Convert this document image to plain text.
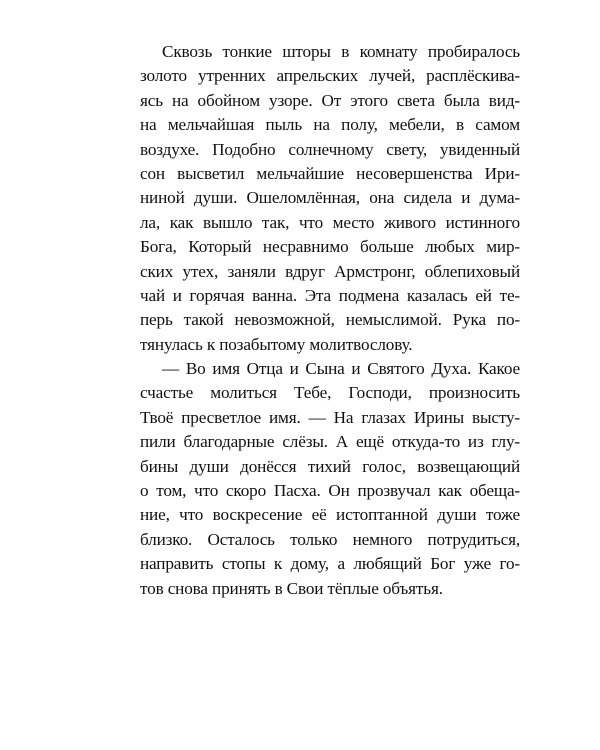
Сквозь тонкие шторы в комнату пробиралось
золото утренних апрельских лучей, расплёскива-
ясь на обойном узоре. От этого света была вид-
на мельчайшая пыль на полу, мебели, в самом
воздухе. Подобно солнечному свету, увиденный
сон высветил мельчайшие несовершенства Ири-
ниной души. Ошеломлённая, она сидела и дума-
ла, как вышло так, что место живого истинного
Бога, Который несравнимо больше любых мир-
ских утех, заняли вдруг Армстронг, облепиховый
чай и горячая ванна. Эта подмена казалась ей те-
перь такой невозможной, немыслимой. Рука по-
тянулась к позабытому молитвослову.
— Во имя Отца и Сына и Святого Духа. Какое
счастье молиться Тебе, Господи, произносить
Твоё пресветлое имя. — На глазах Ирины высту-
пили благодарные слёзы. А ещё откуда-то из глу-
бины души донёсся тихий голос, возвещающий
о том, что скоро Пасха. Он прозвучал как обеща-
ние, что воскресение её истоптанной души тоже
близко. Осталось только немного потрудиться,
направить стопы к дому, а любящий Бог уже го-
тов снова принять в Свои тёплые объятья.
